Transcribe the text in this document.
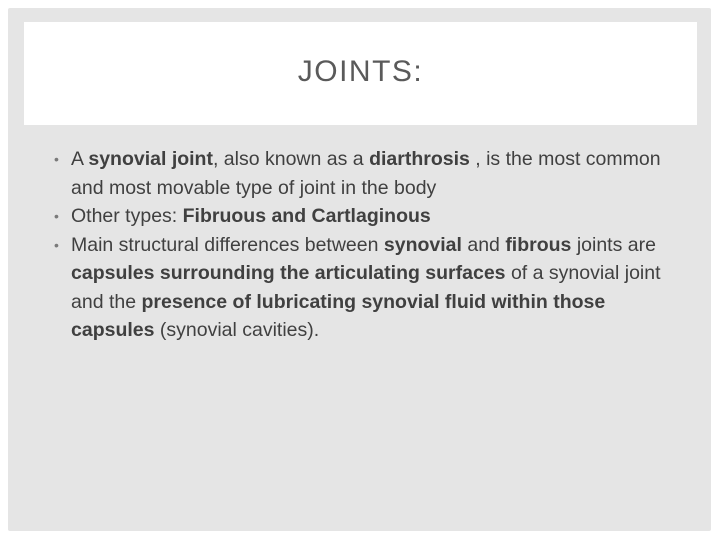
JOINTS:
• A synovial joint, also known as a diarthrosis , is the most common and most movable type of joint in the body
• Other types: Fibruous and Cartlaginous
• Main structural differences between synovial and fibrous joints are capsules surrounding the articulating surfaces of a synovial joint and the presence of lubricating synovial fluid within those capsules (synovial cavities).
